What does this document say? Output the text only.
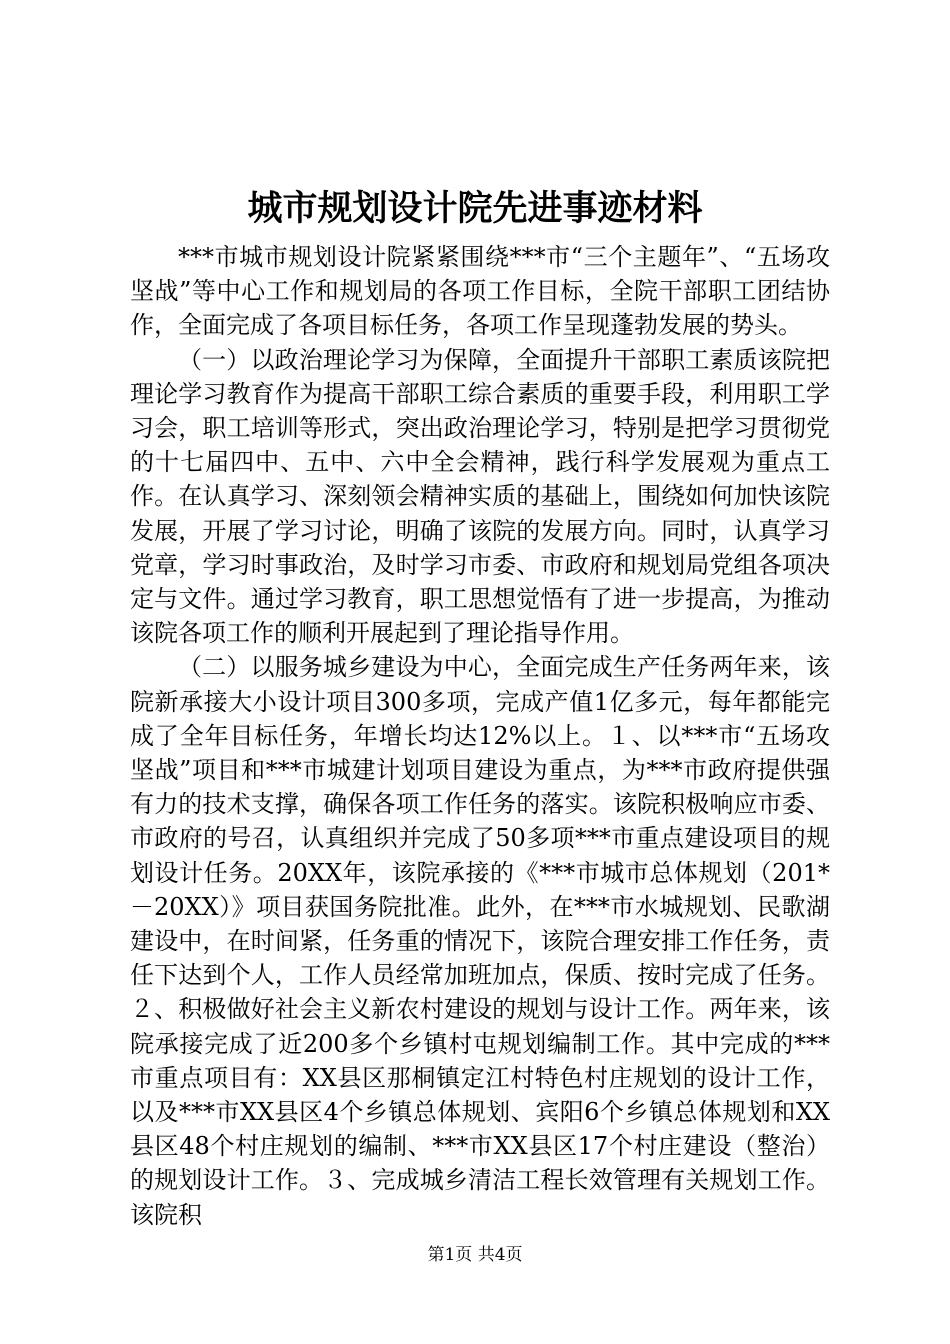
城市规划设计院先进事迹材料

***市城市规划设计院紧紧围绕***市“三个主题年”、“五场攻坚战”等中心工作和规划局的各项工作目标，全院干部职工团结协作，全面完成了各项目标任务，各项工作呈现蓬勃发展的势头。

（一）以政治理论学习为保障，全面提升干部职工素质该院把理论学习教育作为提高干部职工综合素质的重要手段，利用职工学习会，职工培训等形式，突出政治理论学习，特别是把学习贯彻党的十七届四中、五中、六中全会精神，践行科学发展观为重点工作。在认真学习、深刻领会精神实质的基础上，围绕如何加快该院发展，开展了学习讨论，明确了该院的发展方向。同时，认真学习党章，学习时事政治，及时学习市委、市政府和规划局党组各项决定与文件。通过学习教育，职工思想觉悟有了进一步提高，为推动该院各项工作的顺利开展起到了理论指导作用。

（二）以服务城乡建设为中心，全面完成生产任务两年来，该院新承接大小设计项目300多项，完成产值1亿多元，每年都能完成了全年目标任务，年增长均达12%以上。１、以***市“五场攻坚战”项目和***市城建计划项目建设为重点，为***市政府提供强有力的技术支撑，确保各项工作任务的落实。该院积极响应市委、市政府的号召，认真组织并完成了50多项***市重点建设项目的规划设计任务。20XX年，该院承接的《***市城市总体规划（201*－20XX）》项目获国务院批准。此外，在***市水城规划、民歌湖建设中，在时间紧，任务重的情况下，该院合理安排工作任务，责任下达到个人，工作人员经常加班加点，保质、按时完成了任务。２、积极做好社会主义新农村建设的规划与设计工作。两年来，该院承接完成了近200多个乡镇村屯规划编制工作。其中完成的***市重点项目有：XX县区那桐镇定江村特色村庄规划的设计工作，以及***市XX县区4个乡镇总体规划、宾阳6个乡镇总体规划和XX县区48个村庄规划的编制、***市XX县区17个村庄建设（整治）的规划设计工作。３、完成城乡清洁工程长效管理有关规划工作。该院积

第1页 共4页
